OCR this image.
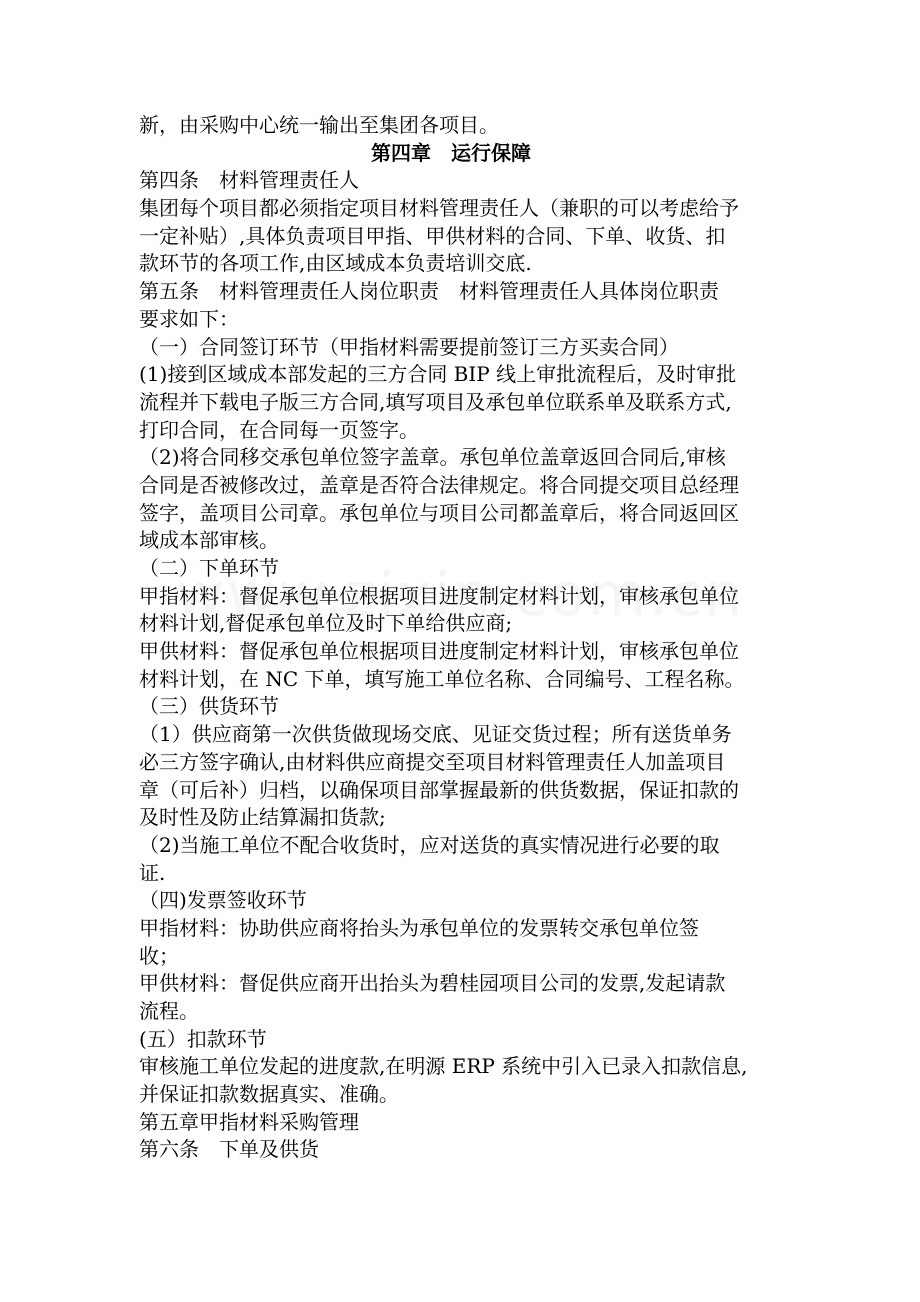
新，由采购中心统一输出至集团各项目。
第四章　运行保障
第四条　材料管理责任人
集团每个项目都必须指定项目材料管理责任人（兼职的可以考虑给予
一定补贴）,具体负责项目甲指、甲供材料的合同、下单、收货、扣
款环节的各项工作,由区域成本负责培训交底.
第五条　材料管理责任人岗位职责　材料管理责任人具体岗位职责
要求如下：
（一）合同签订环节（甲指材料需要提前签订三方买卖合同）
(1)接到区域成本部发起的三方合同 BIP 线上审批流程后，及时审批
流程并下载电子版三方合同,填写项目及承包单位联系单及联系方式,
打印合同，在合同每一页签字。
（2)将合同移交承包单位签字盖章。承包单位盖章返回合同后,审核
合同是否被修改过，盖章是否符合法律规定。将合同提交项目总经理
签字，盖项目公司章。承包单位与项目公司都盖章后，将合同返回区
域成本部审核。
（二）下单环节
甲指材料：督促承包单位根据项目进度制定材料计划，审核承包单位
材料计划,督促承包单位及时下单给供应商;
甲供材料：督促承包单位根据项目进度制定材料计划，审核承包单位
材料计划，在 NC 下单，填写施工单位名称、合同编号、工程名称。
（三）供货环节
（1）供应商第一次供货做现场交底、见证交货过程；所有送货单务
必三方签字确认,由材料供应商提交至项目材料管理责任人加盖项目
章（可后补）归档，以确保项目部掌握最新的供货数据，保证扣款的
及时性及防止结算漏扣货款;
（2)当施工单位不配合收货时，应对送货的真实情况进行必要的取
证.
（四)发票签收环节
甲指材料：协助供应商将抬头为承包单位的发票转交承包单位签
收；
甲供材料：督促供应商开出抬头为碧桂园项目公司的发票,发起请款
流程。
(五）扣款环节
审核施工单位发起的进度款,在明源 ERP 系统中引入已录入扣款信息,
并保证扣款数据真实、准确。
第五章甲指材料采购管理
第六条　下单及供货
